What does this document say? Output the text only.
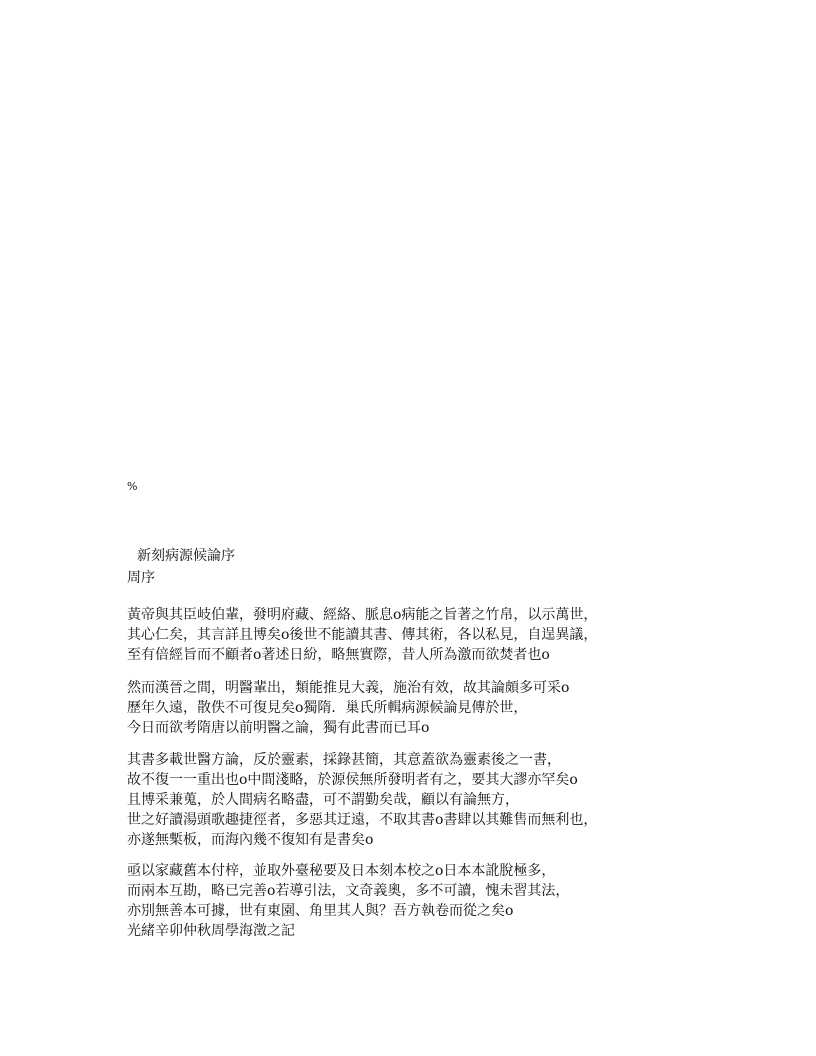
%
新刻病源候論序
周序
黃帝與其臣岐伯輩，發明府藏、經絡、脈息ο病能之旨著之竹帛，以示萬世，
其心仁矣，其言詳且博矣ο後世不能讀其書、傳其術，各以私見，自逞異議，
至有倍經旨而不顧者ο著述日紛，略無實際，昔人所為激而欲焚者也ο
然而漢晉之間，明醫輩出，類能推見大義，施治有效，故其論頗多可采ο
歷年久遠，散佚不可復見矣ο獨隋．巢氏所輯病源候論見傳於世，
今日而欲考隋唐以前明醫之論，獨有此書而已耳ο
其書多載世醫方論，反於靈素，採錄甚簡，其意蓋欲為靈素後之一書，
故不復一一重出也ο中間淺略，於源侯無所發明者有之，要其大謬亦罕矣ο
且博采兼蒐，於人間病名略盡，可不謂勤矣哉，顧以有論無方，
世之好讀湯頭歌趣捷徑者，多惡其迂遠，不取其書ο書肆以其難售而無利也，
亦遂無槧板，而海內幾不復知有是書矣ο
亟以家藏舊本付梓，並取外臺秘要及日本刻本校之ο日本本訛脫極多，
而兩本互勘，略已完善ο若導引法，文奇義奧，多不可讀，愧未習其法，
亦別無善本可據，世有東園、角里其人與？吾方執卷而從之矣ο
光緒辛卯仲秋周學海澂之記
